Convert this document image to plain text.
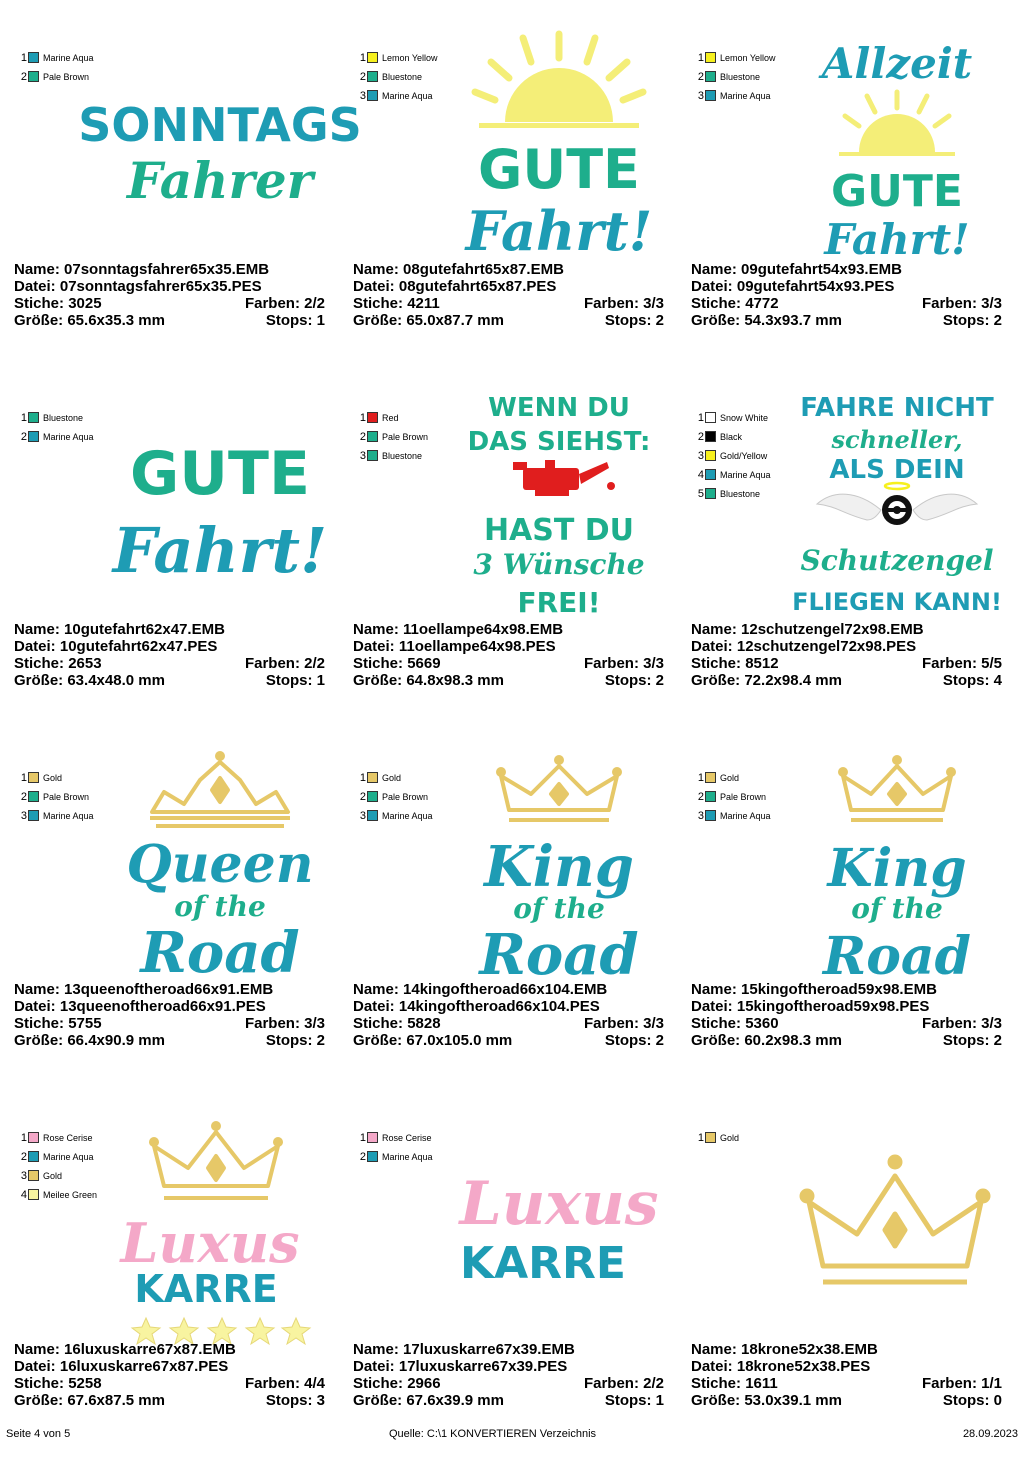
1 Marine Aqua
2 Pale Brown
SONNTAGS
Fahrer
Name: 07sonntagsfahrer65x35.EMB
Datei: 07sonntagsfahrer65x35.PES
Stiche: 3025	Farben: 2/2
Größe: 65.6x35.3 mm	Stops: 1
1 Lemon Yellow
2 Bluestone
3 Marine Aqua
GUTE
Fahrt!
Name: 08gutefahrt65x87.EMB
Datei: 08gutefahrt65x87.PES
Stiche: 4211	Farben: 3/3
Größe: 65.0x87.7 mm	Stops: 2
1 Lemon Yellow
2 Bluestone
3 Marine Aqua
Allzeit
GUTE
Fahrt!
Name: 09gutefahrt54x93.EMB
Datei: 09gutefahrt54x93.PES
Stiche: 4772	Farben: 3/3
Größe: 54.3x93.7 mm	Stops: 2
1 Bluestone
2 Marine Aqua
GUTE
Fahrt!
Name: 10gutefahrt62x47.EMB
Datei: 10gutefahrt62x47.PES
Stiche: 2653	Farben: 2/2
Größe: 63.4x48.0 mm	Stops: 1
1 Red
2 Pale Brown
3 Bluestone
WENN DU
DAS SIEHST:
HAST DU
3 Wünsche
FREI!
Name: 11oellampe64x98.EMB
Datei: 11oellampe64x98.PES
Stiche: 5669	Farben: 3/3
Größe: 64.8x98.3 mm	Stops: 2
1 Snow White
2 Black
3 Gold/Yellow
4 Marine Aqua
5 Bluestone
FAHRE NICHT
schneller,
ALS DEIN
Schutzengel
FLIEGEN KANN!
Name: 12schutzengel72x98.EMB
Datei: 12schutzengel72x98.PES
Stiche: 8512	Farben: 5/5
Größe: 72.2x98.4 mm	Stops: 4
1 Gold
2 Pale Brown
3 Marine Aqua
Queen
of the
Road
Name: 13queenoftheroad66x91.EMB
Datei: 13queenoftheroad66x91.PES
Stiche: 5755	Farben: 3/3
Größe: 66.4x90.9 mm	Stops: 2
1 Gold
2 Pale Brown
3 Marine Aqua
King
of the
Road
Name: 14kingoftheroad66x104.EMB
Datei: 14kingoftheroad66x104.PES
Stiche: 5828	Farben: 3/3
Größe: 67.0x105.0 mm	Stops: 2
1 Gold
2 Pale Brown
3 Marine Aqua
King
of the
Road
Name: 15kingoftheroad59x98.EMB
Datei: 15kingoftheroad59x98.PES
Stiche: 5360	Farben: 3/3
Größe: 60.2x98.3 mm	Stops: 2
1 Rose Cerise
2 Marine Aqua
3 Gold
4 Meilee Green
Luxus
KARRE
Name: 16luxuskarre67x87.EMB
Datei: 16luxuskarre67x87.PES
Stiche: 5258	Farben: 4/4
Größe: 67.6x87.5 mm	Stops: 3
1 Rose Cerise
2 Marine Aqua
Luxus
KARRE
Name: 17luxuskarre67x39.EMB
Datei: 17luxuskarre67x39.PES
Stiche: 2966	Farben: 2/2
Größe: 67.6x39.9 mm	Stops: 1
1 Gold
Name: 18krone52x38.EMB
Datei: 18krone52x38.PES
Stiche: 1611	Farben: 1/1
Größe: 53.0x39.1 mm	Stops: 0
Seite 4 von 5	Quelle: C:\1 KONVERTIEREN Verzeichnis	28.09.2023
